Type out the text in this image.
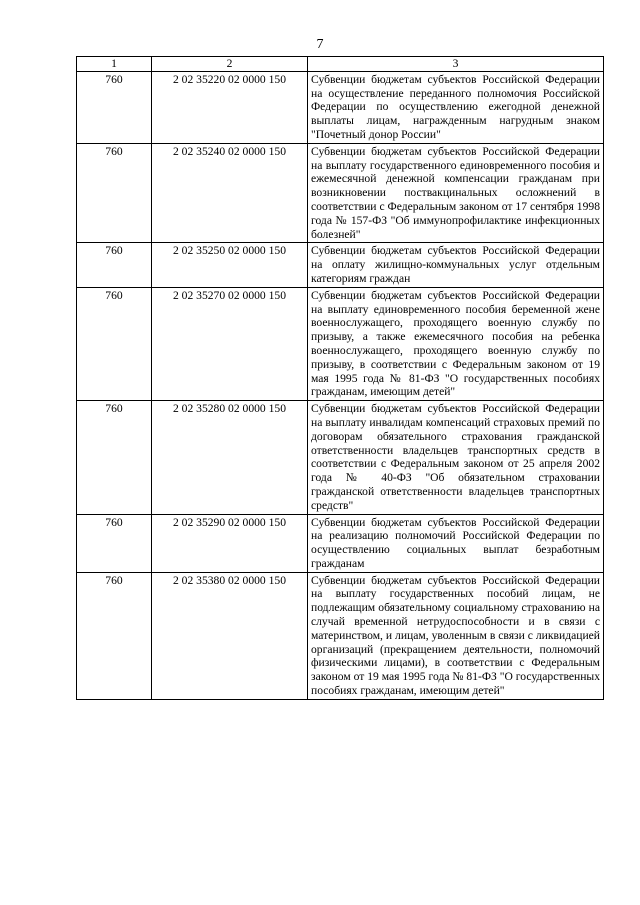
7
1	2	3
760	2 02 35220 02 0000 150	Субвенции бюджетам субъектов Российской Федерации на осуществление переданного полномочия Российской Федерации по осуществлению ежегодной денежной выплаты лицам, награжденным нагрудным знаком "Почетный донор России"
760	2 02 35240 02 0000 150	Субвенции бюджетам субъектов Российской Федерации на выплату государственного единовременного пособия и ежемесячной денежной компенсации гражданам при возникновении поствакцинальных осложнений в соответствии с Федеральным законом от 17 сентября 1998 года № 157-ФЗ "Об иммунопрофилактике инфекционных болезней"
760	2 02 35250 02 0000 150	Субвенции бюджетам субъектов Российской Федерации на оплату жилищно-коммунальных услуг отдельным категориям граждан
760	2 02 35270 02 0000 150	Субвенции бюджетам субъектов Российской Федерации на выплату единовременного пособия беременной жене военнослужащего, проходящего военную службу по призыву, а также ежемесячного пособия на ребенка военнослужащего, проходящего военную службу по призыву, в соответствии с Федеральным законом от 19 мая 1995 года № 81-ФЗ "О государственных пособиях гражданам, имеющим детей"
760	2 02 35280 02 0000 150	Субвенции бюджетам субъектов Российской Федерации на выплату инвалидам компенсаций страховых премий по договорам обязательного страхования гражданской ответственности владельцев транспортных средств в соответствии с Федеральным законом от 25 апреля 2002 года № 40-ФЗ "Об обязательном страховании гражданской ответственности владельцев транспортных средств"
760	2 02 35290 02 0000 150	Субвенции бюджетам субъектов Российской Федерации на реализацию полномочий Российской Федерации по осуществлению социальных выплат безработным гражданам
760	2 02 35380 02 0000 150	Субвенции бюджетам субъектов Российской Федерации на выплату государственных пособий лицам, не подлежащим обязательному социальному страхованию на случай временной нетрудоспособности и в связи с материнством, и лицам, уволенным в связи с ликвидацией организаций (прекращением деятельности, полномочий физическими лицами), в соответствии с Федеральным законом от 19 мая 1995 года № 81-ФЗ "О государственных пособиях гражданам, имеющим детей"
